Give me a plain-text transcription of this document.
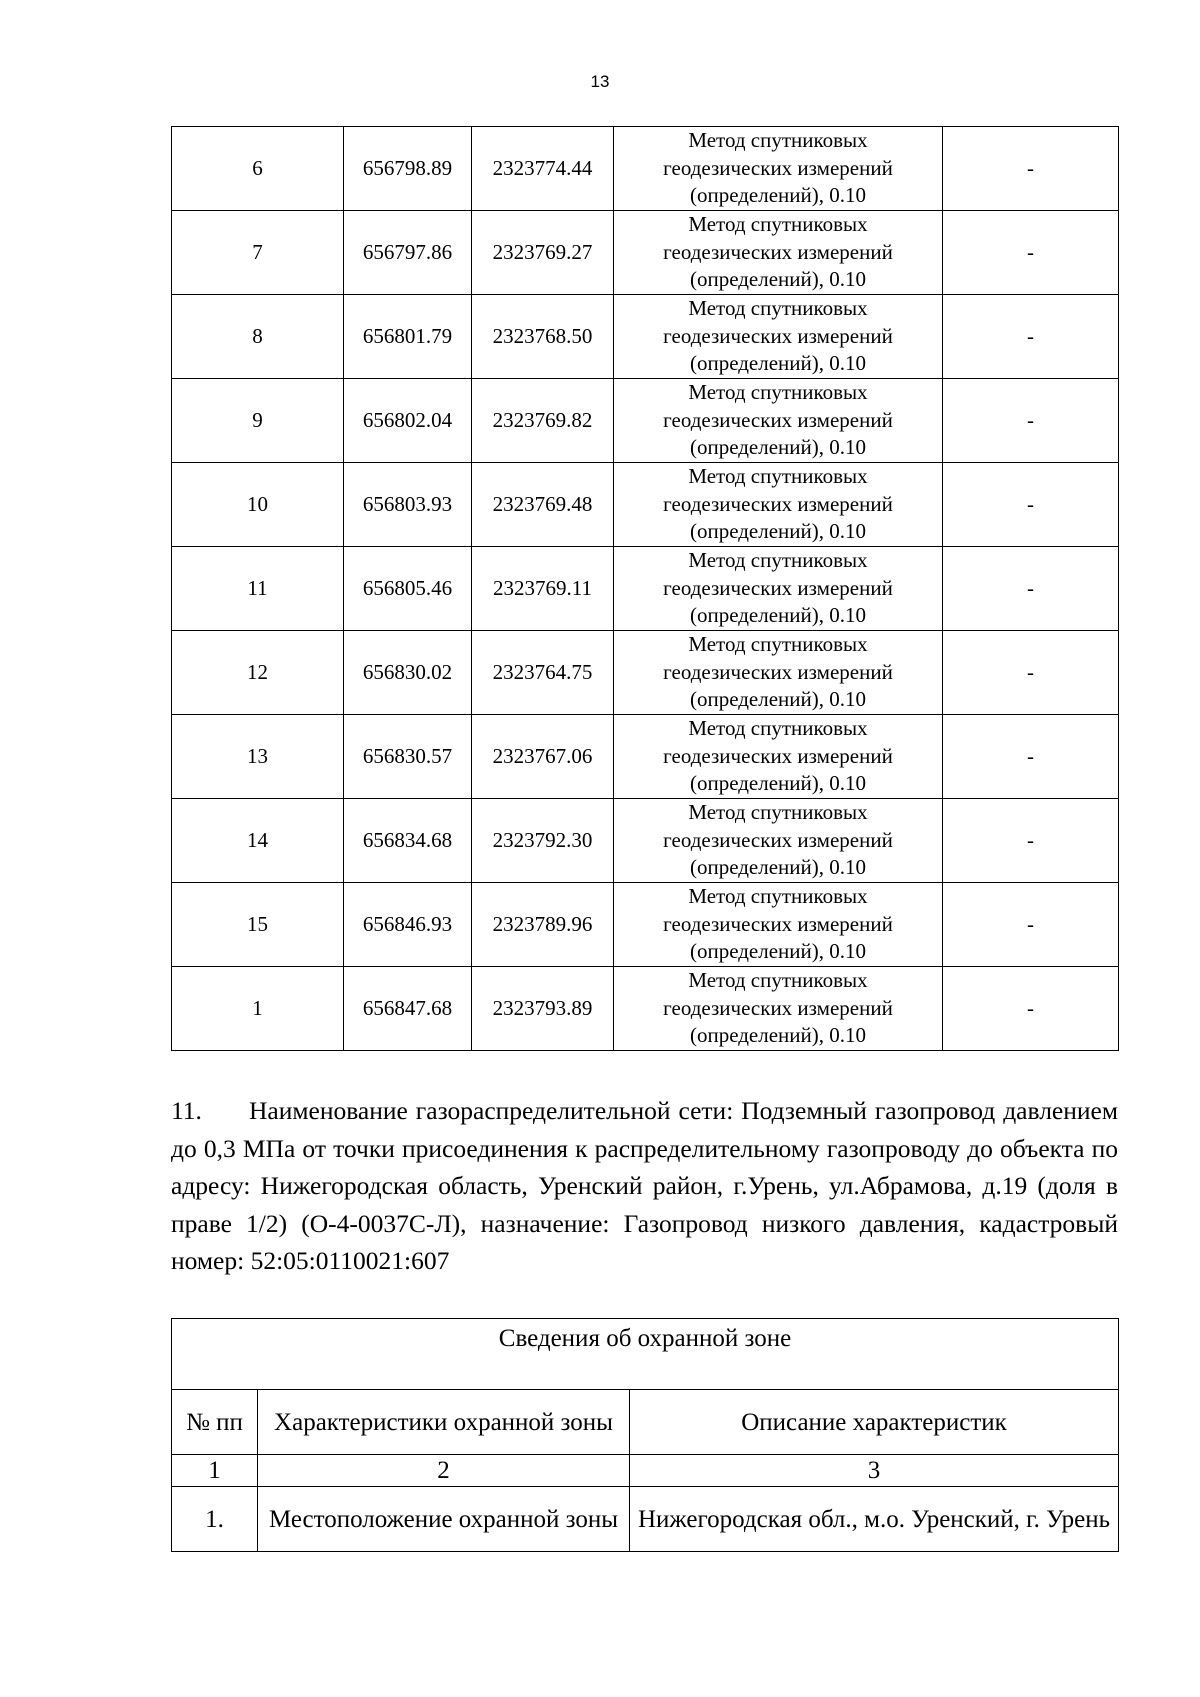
13
6	656798.89	2323774.44	Метод спутниковых
геодезических измерений
(определений), 0.10	-
7	656797.86	2323769.27	Метод спутниковых
геодезических измерений
(определений), 0.10	-
8	656801.79	2323768.50	Метод спутниковых
геодезических измерений
(определений), 0.10	-
9	656802.04	2323769.82	Метод спутниковых
геодезических измерений
(определений), 0.10	-
10	656803.93	2323769.48	Метод спутниковых
геодезических измерений
(определений), 0.10	-
11	656805.46	2323769.11	Метод спутниковых
геодезических измерений
(определений), 0.10	-
12	656830.02	2323764.75	Метод спутниковых
геодезических измерений
(определений), 0.10	-
13	656830.57	2323767.06	Метод спутниковых
геодезических измерений
(определений), 0.10	-
14	656834.68	2323792.30	Метод спутниковых
геодезических измерений
(определений), 0.10	-
15	656846.93	2323789.96	Метод спутниковых
геодезических измерений
(определений), 0.10	-
1	656847.68	2323793.89	Метод спутниковых
геодезических измерений
(определений), 0.10	-

11. Наименование газораспределительной сети: Подземный газопровод давлением до 0,3 МПа от точки присоединения к распределительному газопроводу до объекта по адресу: Нижегородская область, Уренский район, г.Урень, ул.Абрамова, д.19 (доля в праве 1/2) (О-4-0037С-Л), назначение: Газопровод низкого давления, кадастровый номер: 52:05:0110021:607

Сведения об охранной зоне		
№ пп	Характеристики охранной зоны	Описание характеристик
1	2	3
1.	Местоположение охранной зоны	Нижегородская обл., м.о. Уренский, г. Урень
